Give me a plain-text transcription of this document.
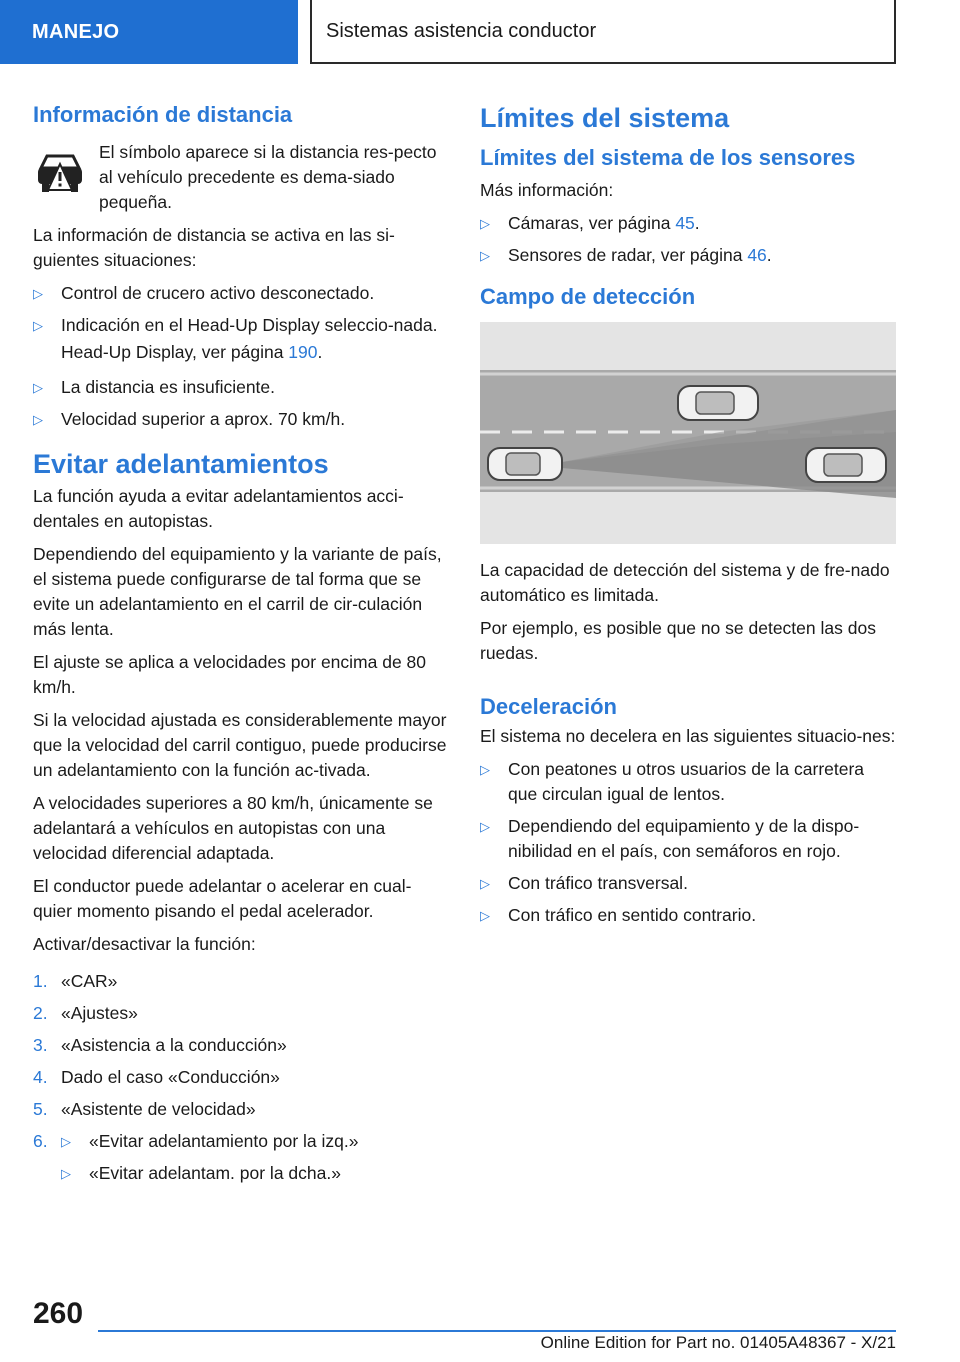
MANEJO	Sistemas asistencia conductor
Información de distancia

El símbolo aparece si la distancia res-pecto al vehículo precedente es dema-siado pequeña.

La información de distancia se activa en las si-guientes situaciones:

▷ Control de crucero activo desconectado.
▷ Indicación en el Head-Up Display seleccio-nada.
Head-Up Display, ver página 190.
▷ La distancia es insuficiente.
▷ Velocidad superior a aprox. 70 km/h.
Evitar adelantamientos

La función ayuda a evitar adelantamientos acci-dentales en autopistas.

Dependiendo del equipamiento y la variante de país, el sistema puede configurarse de tal forma que se evite un adelantamiento en el carril de cir-culación más lenta.

El ajuste se aplica a velocidades por encima de 80 km/h.

Si la velocidad ajustada es considerablemente mayor que la velocidad del carril contiguo, puede producirse un adelantamiento con la función ac-tivada.

A velocidades superiores a 80 km/h, únicamente se adelantará a vehículos en autopistas con una velocidad diferencial adaptada.

El conductor puede adelantar o acelerar en cual-quier momento pisando el pedal acelerador.

Activar/desactivar la función:

1. «CAR»
2. «Ajustes»
3. «Asistencia a la conducción»
4. Dado el caso «Conducción»
5. «Asistente de velocidad»
6. ▷ «Evitar adelantamiento por la izq.»
▷ «Evitar adelantam. por la dcha.»
Límites del sistema
Límites del sistema de los sensores

Más información:

▷ Cámaras, ver página 45.
▷ Sensores de radar, ver página 46.
Campo de detección

La capacidad de detección del sistema y de fre-nado automático es limitada.

Por ejemplo, es posible que no se detecten las dos ruedas.

Deceleración

El sistema no decelera en las siguientes situacio-nes:

▷ Con peatones u otros usuarios de la carretera que circulan igual de lentos.
▷ Dependiendo del equipamiento y de la dispo-nibilidad en el país, con semáforos en rojo.
▷ Con tráfico transversal.
▷ Con tráfico en sentido contrario.
260
Online Edition for Part no. 01405A48367 - X/21
